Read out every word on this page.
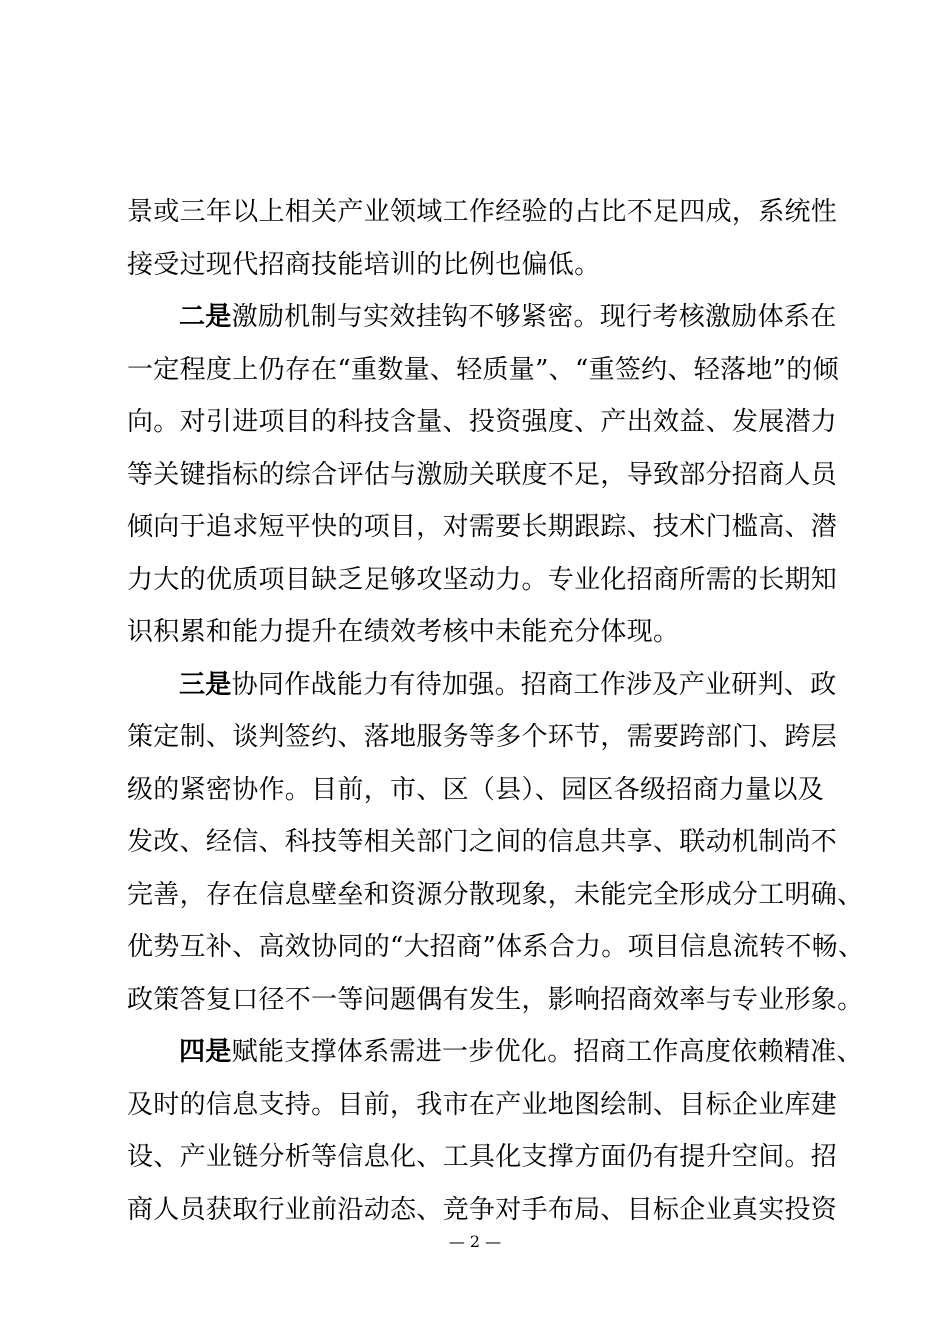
景或三年以上相关产业领域工作经验的占比不足四成，系统性
接受过现代招商技能培训的比例也偏低。
二是激励机制与实效挂钩不够紧密。现行考核激励体系在
一定程度上仍存在“重数量、轻质量”、“重签约、轻落地”的倾
向。对引进项目的科技含量、投资强度、产出效益、发展潜力
等关键指标的综合评估与激励关联度不足，导致部分招商人员
倾向于追求短平快的项目，对需要长期跟踪、技术门槛高、潜
力大的优质项目缺乏足够攻坚动力。专业化招商所需的长期知
识积累和能力提升在绩效考核中未能充分体现。
三是协同作战能力有待加强。招商工作涉及产业研判、政
策定制、谈判签约、落地服务等多个环节，需要跨部门、跨层
级的紧密协作。目前，市、区（县）、园区各级招商力量以及
发改、经信、科技等相关部门之间的信息共享、联动机制尚不
完善，存在信息壁垒和资源分散现象，未能完全形成分工明确、
优势互补、高效协同的“大招商”体系合力。项目信息流转不畅、
政策答复口径不一等问题偶有发生，影响招商效率与专业形象。
四是赋能支撑体系需进一步优化。招商工作高度依赖精准、
及时的信息支持。目前，我市在产业地图绘制、目标企业库建
设、产业链分析等信息化、工具化支撑方面仍有提升空间。招
商人员获取行业前沿动态、竞争对手布局、目标企业真实投资
— 2 —
